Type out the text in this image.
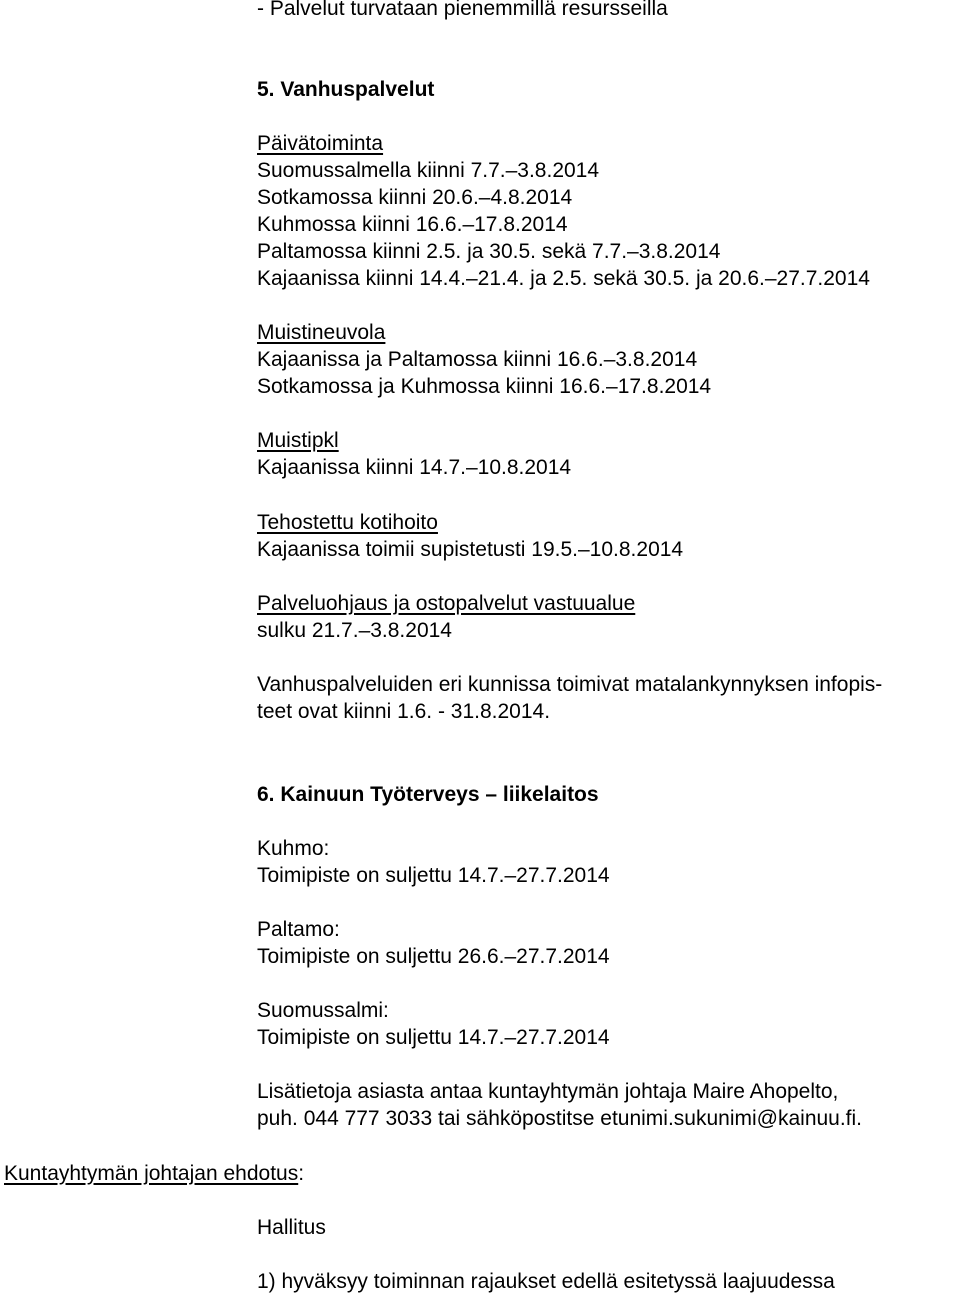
- Palvelut turvataan pienemmillä resursseilla
5. Vanhuspalvelut
Päivätoiminta
Suomussalmella kiinni 7.7.–3.8.2014
Sotkamossa kiinni 20.6.–4.8.2014
Kuhmossa kiinni 16.6.–17.8.2014
Paltamossa kiinni 2.5. ja 30.5. sekä 7.7.–3.8.2014
Kajaanissa kiinni 14.4.–21.4. ja 2.5. sekä 30.5. ja 20.6.–27.7.2014
Muistineuvola
Kajaanissa ja Paltamossa kiinni 16.6.–3.8.2014
Sotkamossa ja Kuhmossa kiinni 16.6.–17.8.2014
Muistipkl
Kajaanissa kiinni 14.7.–10.8.2014
Tehostettu kotihoito
Kajaanissa toimii supistetusti 19.5.–10.8.2014
Palveluohjaus ja ostopalvelut vastuualue
sulku 21.7.–3.8.2014
Vanhuspalveluiden eri kunnissa toimivat matalankynnyksen infopis-
teet ovat kiinni 1.6. - 31.8.2014.
6. Kainuun Työterveys – liikelaitos
Kuhmo:
Toimipiste on suljettu 14.7.–27.7.2014
Paltamo:
Toimipiste on suljettu 26.6.–27.7.2014
Suomussalmi:
Toimipiste on suljettu 14.7.–27.7.2014
Lisätietoja asiasta antaa kuntayhtymän johtaja Maire Ahopelto,
puh. 044 777 3033 tai sähköpostitse etunimi.sukunimi@kainuu.fi.
Kuntayhtymän johtajan ehdotus:
Hallitus
1) hyväksyy toiminnan rajaukset edellä esitetyssä laajuudessa
